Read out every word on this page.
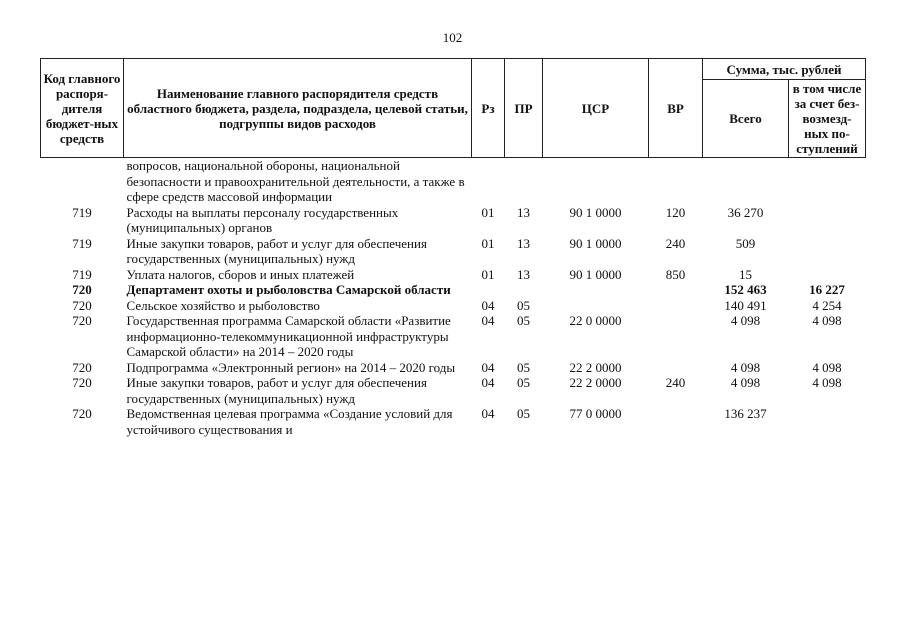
102
Код главного распоря-дителя бюджет-ных средств	Наименование главного распорядителя средств областного бюджета, раздела, подраздела, целевой статьи, подгруппы видов расходов	Рз	ПР	ЦСР	ВР	Сумма, тыс. рублей	
						Всего	в том числе за счет без-возмезд-ных по-ступлений
	вопросов, национальной обороны, национальной безопасности и правоохранительной деятельности, а также в сфере средств массовой информации						
719	Расходы на выплаты персоналу государственных (муниципальных) органов	01	13	90 1 0000	120	36 270	
719	Иные закупки товаров, работ и услуг для обеспечения государственных (муниципальных) нужд	01	13	90 1 0000	240	509	
719	Уплата налогов, сборов и иных платежей	01	13	90 1 0000	850	15	
720	Департамент охоты и рыболовства Самарской области					152 463	16 227
720	Сельское хозяйство и рыболовство	04	05			140 491	4 254
720	Государственная программа Самарской области «Развитие информационно-телекоммуникационной инфраструктуры Самарской области» на 2014 – 2020 годы	04	05	22 0 0000		4 098	4 098
720	Подпрограмма «Электронный регион» на 2014 – 2020 годы	04	05	22 2 0000		4 098	4 098
720	Иные закупки товаров, работ и услуг для обеспечения государственных (муниципальных) нужд	04	05	22 2 0000	240	4 098	4 098
720	Ведомственная целевая программа «Создание условий для устойчивого существования и	04	05	77 0 0000		136 237	
